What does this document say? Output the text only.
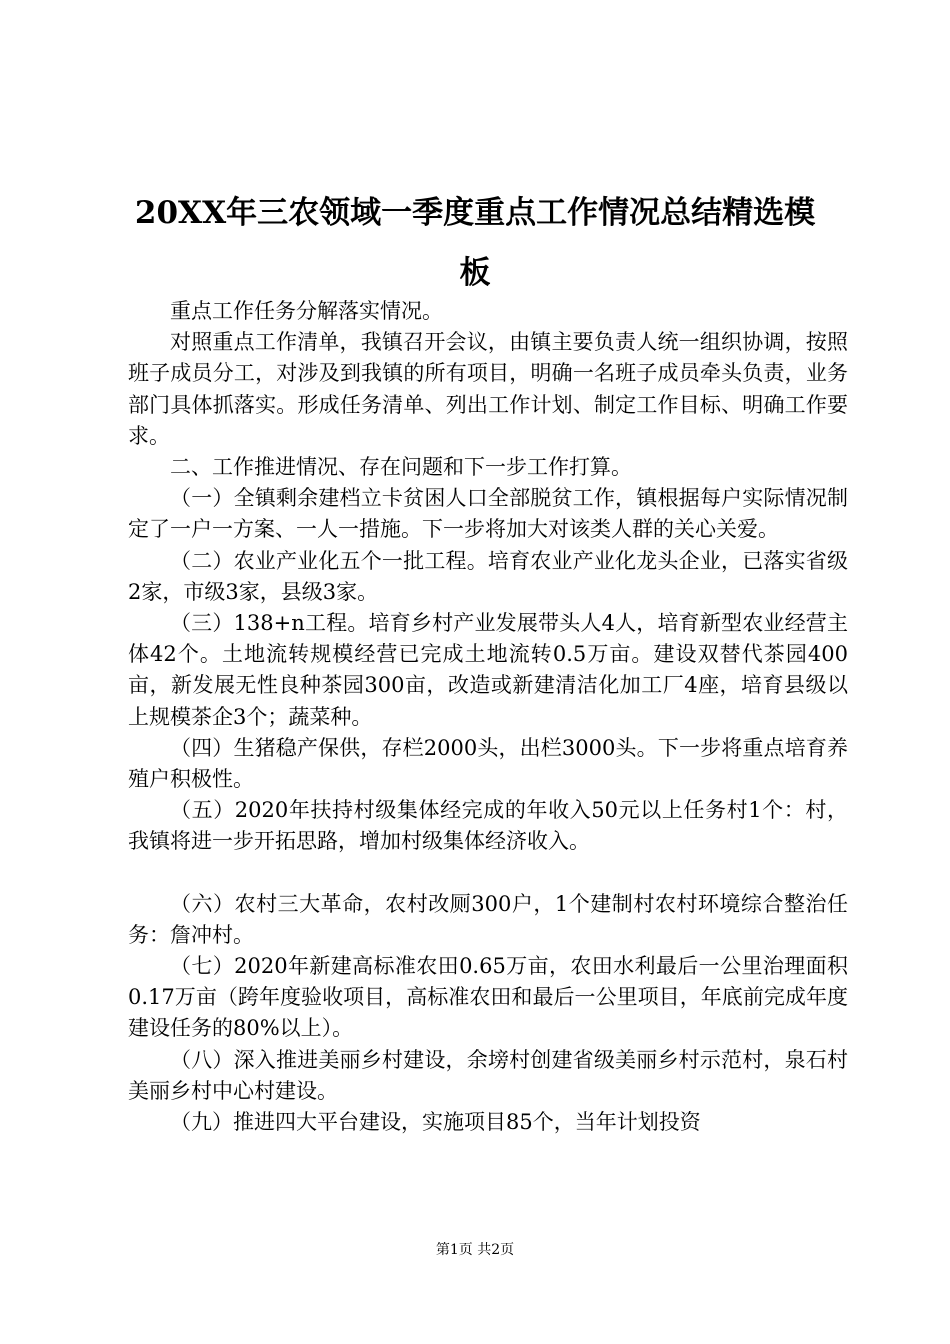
20XX年三农领域一季度重点工作情况总结精选模板

重点工作任务分解落实情况。

对照重点工作清单，我镇召开会议，由镇主要负责人统一组织协调，按照班子成员分工，对涉及到我镇的所有项目，明确一名班子成员牵头负责，业务部门具体抓落实。形成任务清单、列出工作计划、制定工作目标、明确工作要求。

二、工作推进情况、存在问题和下一步工作打算。

（一）全镇剩余建档立卡贫困人口全部脱贫工作，镇根据每户实际情况制定了一户一方案、一人一措施。下一步将加大对该类人群的关心关爱。

（二）农业产业化五个一批工程。培育农业产业化龙头企业，已落实省级2家，市级3家，县级3家。

（三）138+n工程。培育乡村产业发展带头人4人，培育新型农业经营主体42个。土地流转规模经营已完成土地流转0.5万亩。建设双替代茶园400亩，新发展无性良种茶园300亩，改造或新建清洁化加工厂4座，培育县级以上规模茶企3个；蔬菜种。

（四）生猪稳产保供，存栏2000头，出栏3000头。下一步将重点培育养殖户积极性。

（五）2020年扶持村级集体经完成的年收入50元以上任务村1个：村，我镇将进一步开拓思路，增加村级集体经济收入。

（六）农村三大革命，农村改厕300户，1个建制村农村环境综合整治任务：詹冲村。

（七）2020年新建高标准农田0.65万亩，农田水利最后一公里治理面积0.17万亩（跨年度验收项目，高标准农田和最后一公里项目，年底前完成年度建设任务的80%以上）。

（八）深入推进美丽乡村建设，余塝村创建省级美丽乡村示范村，泉石村美丽乡村中心村建设。

（九）推进四大平台建设，实施项目85个，当年计划投资

第1页 共2页
